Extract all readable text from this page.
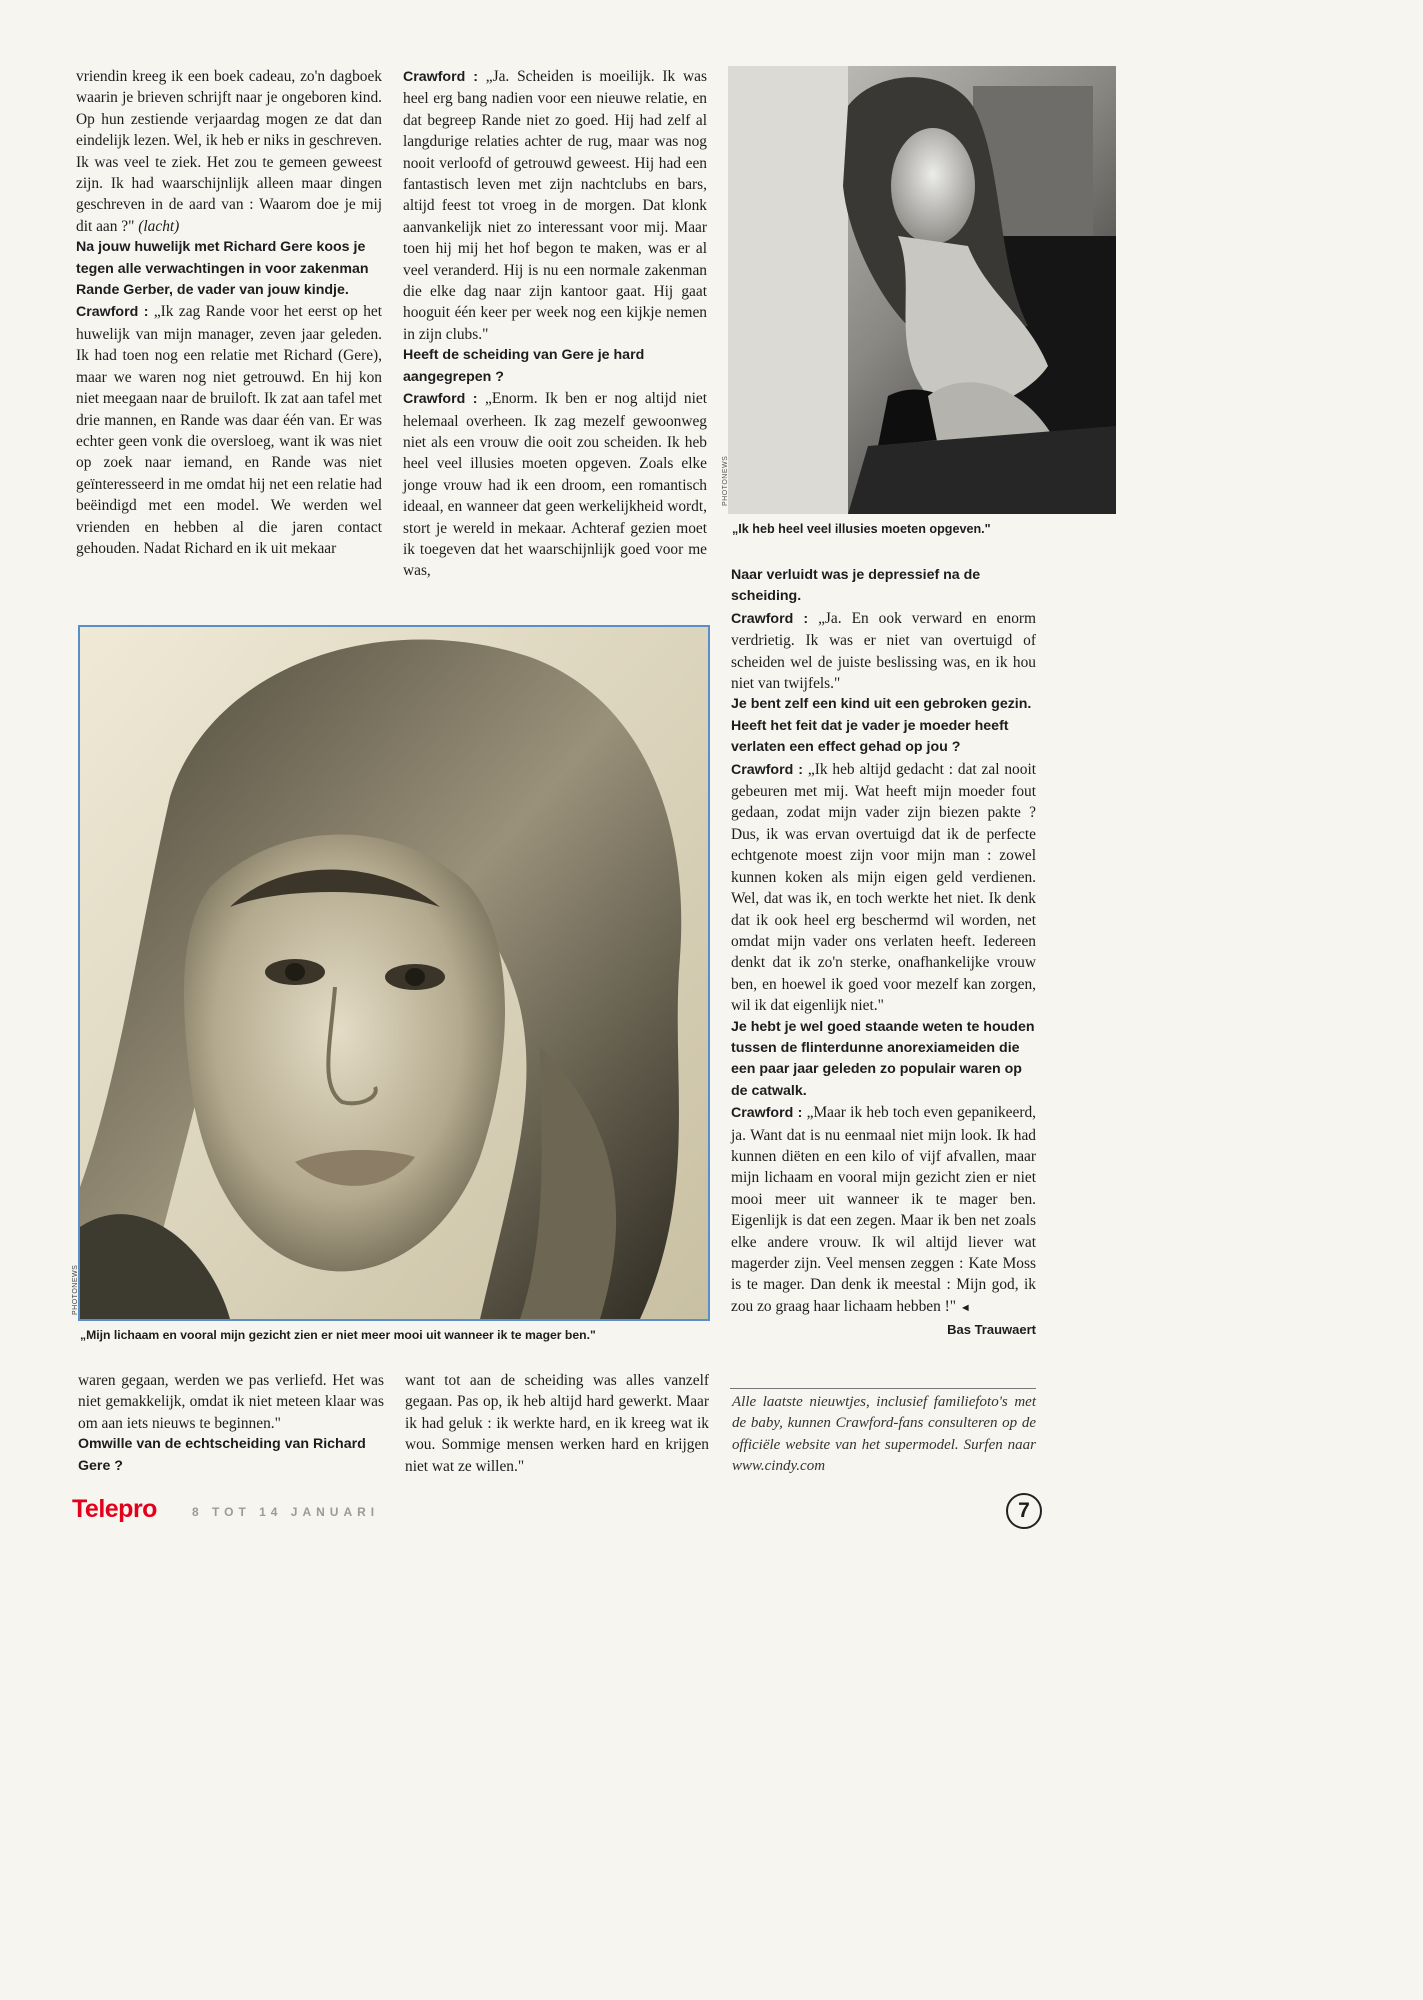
vriendin kreeg ik een boek cadeau, zo'n dagboek waarin je brieven schrijft naar je ongeboren kind. Op hun zestiende verjaardag mogen ze dat dan eindelijk lezen. Wel, ik heb er niks in geschreven. Ik was veel te ziek. Het zou te gemeen geweest zijn. Ik had waarschijnlijk alleen maar dingen geschreven in de aard van : Waarom doe je mij dit aan ?" (lacht)

Na jouw huwelijk met Richard Gere koos je tegen alle verwachtingen in voor zakenman Rande Gerber, de vader van jouw kindje.

Crawford : „Ik zag Rande voor het eerst op het huwelijk van mijn manager, zeven jaar geleden. Ik had toen nog een relatie met Richard (Gere), maar we waren nog niet getrouwd. En hij kon niet meegaan naar de bruiloft. Ik zat aan tafel met drie mannen, en Rande was daar één van. Er was echter geen vonk die oversloeg, want ik was niet op zoek naar iemand, en Rande was niet geïnteresseerd in me omdat hij net een relatie had beëindigd met een model. We werden wel vrienden en hebben al die jaren contact gehouden. Nadat Richard en ik uit mekaar

Crawford : „Ja. Scheiden is moeilijk. Ik was heel erg bang nadien voor een nieuwe relatie, en dat begreep Rande niet zo goed. Hij had zelf al langdurige relaties achter de rug, maar was nog nooit verloofd of getrouwd geweest. Hij had een fantastisch leven met zijn nachtclubs en bars, altijd feest tot vroeg in de morgen. Dat klonk aanvankelijk niet zo interessant voor mij. Maar toen hij mij het hof begon te maken, was er al veel veranderd. Hij is nu een normale zakenman die elke dag naar zijn kantoor gaat. Hij gaat hooguit één keer per week nog een kijkje nemen in zijn clubs."

Heeft de scheiding van Gere je hard aangegrepen ?

Crawford : „Enorm. Ik ben er nog altijd niet helemaal overheen. Ik zag mezelf gewoonweg niet als een vrouw die ooit zou scheiden. Ik heb heel veel illusies moeten opgeven. Zoals elke jonge vrouw had ik een droom, een romantisch ideaal, en wanneer dat geen werkelijkheid wordt, stort je wereld in mekaar. Achteraf gezien moet ik toegeven dat het waarschijnlijk goed voor me was,

PHOTONEWS
„Ik heb heel veel illusies moeten opgeven."

Naar verluidt was je depressief na de scheiding.

Crawford : „Ja. En ook verward en enorm verdrietig. Ik was er niet van overtuigd of scheiden wel de juiste beslissing was, en ik hou niet van twijfels."

Je bent zelf een kind uit een gebroken gezin. Heeft het feit dat je vader je moeder heeft verlaten een effect gehad op jou ?

Crawford : „Ik heb altijd gedacht : dat zal nooit gebeuren met mij. Wat heeft mijn moeder fout gedaan, zodat mijn vader zijn biezen pakte ? Dus, ik was ervan overtuigd dat ik de perfecte echtgenote moest zijn voor mijn man : zowel kunnen koken als mijn eigen geld verdienen. Wel, dat was ik, en toch werkte het niet. Ik denk dat ik ook heel erg beschermd wil worden, net omdat mijn vader ons verlaten heeft. Iedereen denkt dat ik zo'n sterke, onafhankelijke vrouw ben, en hoewel ik goed voor mezelf kan zorgen, wil ik dat eigenlijk niet."

Je hebt je wel goed staande weten te houden tussen de flinterdunne anorexiameiden die een paar jaar geleden zo populair waren op de catwalk.

Crawford : „Maar ik heb toch even gepanikeerd, ja. Want dat is nu eenmaal niet mijn look. Ik had kunnen diëten en een kilo of vijf afvallen, maar mijn lichaam en vooral mijn gezicht zien er niet mooi meer uit wanneer ik te mager ben. Eigenlijk is dat een zegen. Maar ik ben net zoals elke andere vrouw. Ik wil altijd liever wat magerder zijn. Veel mensen zeggen : Kate Moss is te mager. Dan denk ik meestal : Mijn god, ik zou zo graag haar lichaam hebben !" ◄
Bas Trauwaert

PHOTONEWS
„Mijn lichaam en vooral mijn gezicht zien er niet meer mooi uit wanneer ik te mager ben."

waren gegaan, werden we pas verliefd. Het was niet gemakkelijk, omdat ik niet meteen klaar was om aan iets nieuws te beginnen."

Omwille van de echtscheiding van Richard Gere ?

want tot aan de scheiding was alles vanzelf gegaan. Pas op, ik heb altijd hard gewerkt. Maar ik had geluk : ik werkte hard, en ik kreeg wat ik wou. Sommige mensen werken hard en krijgen niet wat ze willen."

Alle laatste nieuwtjes, inclusief familiefoto's met de baby, kunnen Crawford-fans consulteren op de officiële website van het supermodel. Surfen naar www.cindy.com
Telepro	8 TOT 14 JANUARI	7
